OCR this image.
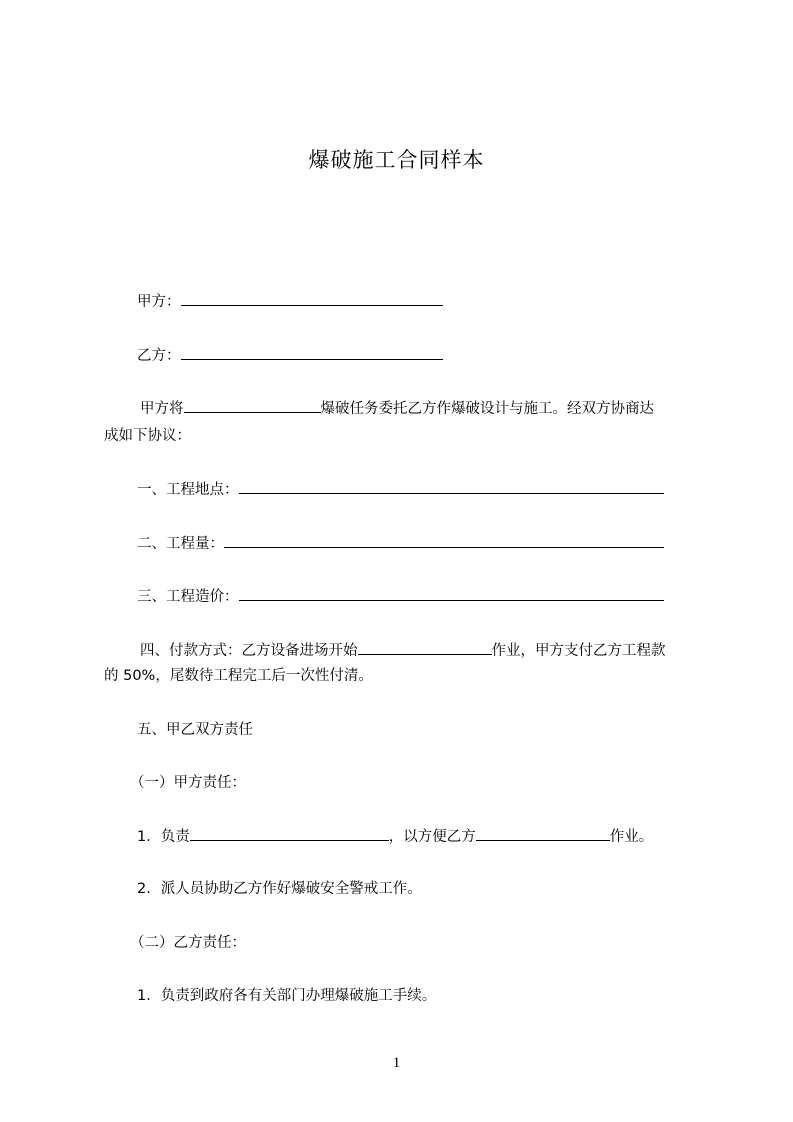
爆破施工合同样本
甲方：
乙方：
甲方将	爆破任务委托乙方作爆破设计与施工。经双方协商达
成如下协议：
一、工程地点：
二、工程量：
三、工程造价：
四、付款方式：乙方设备进场开始	作业，甲方支付乙方工程款
的 50%，尾数待工程完工后一次性付清。
五、甲乙双方责任
（一）甲方责任：
1．负责	，以方便乙方	作业。
2．派人员协助乙方作好爆破安全警戒工作。
（二）乙方责任：
1．负责到政府各有关部门办理爆破施工手续。
1
